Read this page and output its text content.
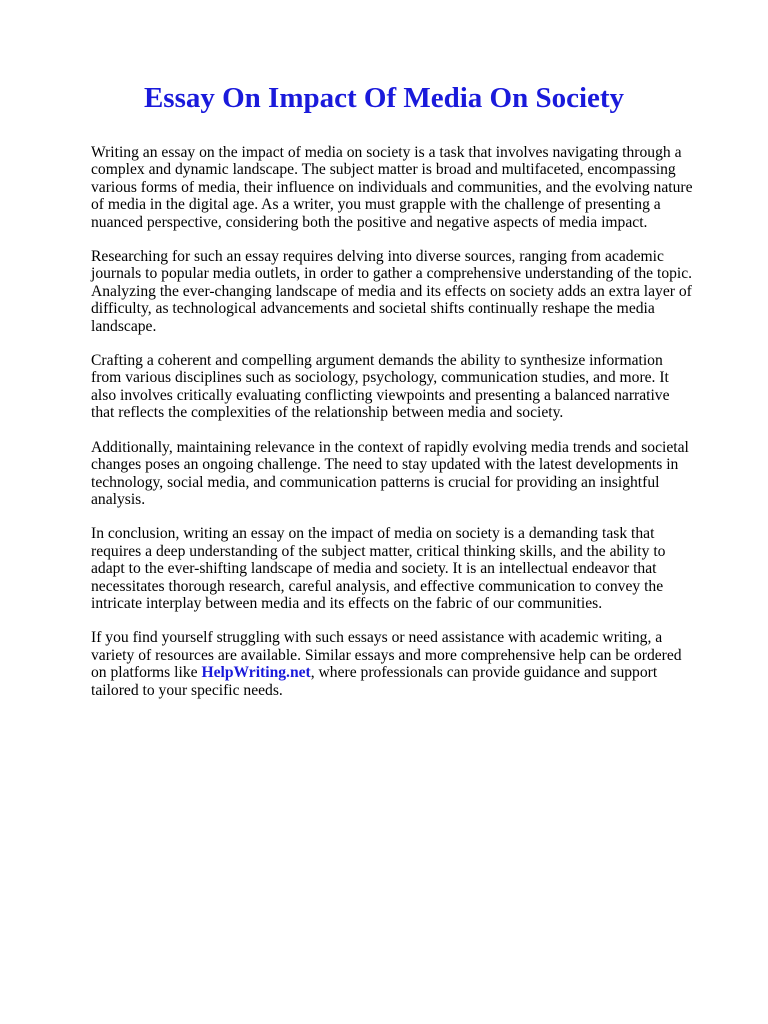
Essay On Impact Of Media On Society

Writing an essay on the impact of media on society is a task that involves navigating through a complex and dynamic landscape. The subject matter is broad and multifaceted, encompassing various forms of media, their influence on individuals and communities, and the evolving nature of media in the digital age. As a writer, you must grapple with the challenge of presenting a nuanced perspective, considering both the positive and negative aspects of media impact.

Researching for such an essay requires delving into diverse sources, ranging from academic journals to popular media outlets, in order to gather a comprehensive understanding of the topic. Analyzing the ever-changing landscape of media and its effects on society adds an extra layer of difficulty, as technological advancements and societal shifts continually reshape the media landscape.

Crafting a coherent and compelling argument demands the ability to synthesize information from various disciplines such as sociology, psychology, communication studies, and more. It also involves critically evaluating conflicting viewpoints and presenting a balanced narrative that reflects the complexities of the relationship between media and society.

Additionally, maintaining relevance in the context of rapidly evolving media trends and societal changes poses an ongoing challenge. The need to stay updated with the latest developments in technology, social media, and communication patterns is crucial for providing an insightful analysis.

In conclusion, writing an essay on the impact of media on society is a demanding task that requires a deep understanding of the subject matter, critical thinking skills, and the ability to adapt to the ever-shifting landscape of media and society. It is an intellectual endeavor that necessitates thorough research, careful analysis, and effective communication to convey the intricate interplay between media and its effects on the fabric of our communities.

If you find yourself struggling with such essays or need assistance with academic writing, a variety of resources are available. Similar essays and more comprehensive help can be ordered on platforms like HelpWriting.net, where professionals can provide guidance and support tailored to your specific needs.
